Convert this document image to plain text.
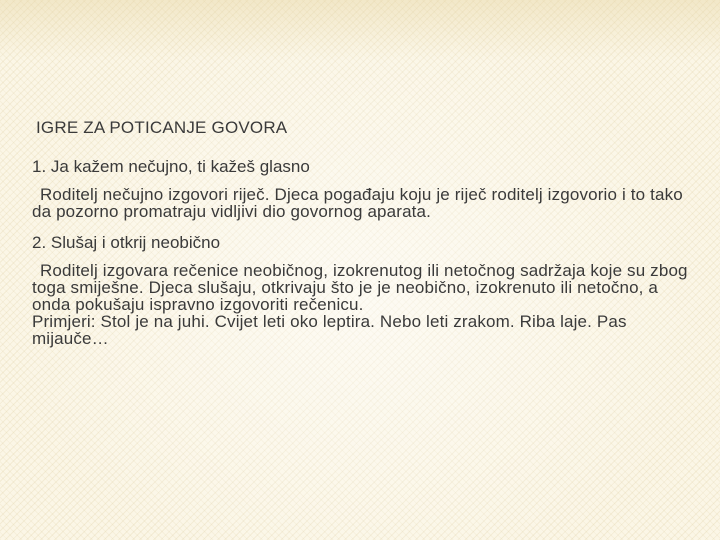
IGRE ZA POTICANJE GOVORA

1. Ja kažem nečujno, ti kažeš glasno

Roditelj nečujno izgovori riječ. Djeca pogađaju koju je riječ roditelj izgovorio i to tako da pozorno promatraju vidljivi dio govornog aparata.

2. Slušaj i otkrij neobično

Roditelj izgovara rečenice neobičnog, izokrenutog ili netočnog sadržaja koje su zbog toga smiješne. Djeca slušaju, otkrivaju što je je neobično, izokrenuto ili netočno, a onda pokušaju ispravno izgovoriti rečenicu.

Primjeri: Stol je na juhi. Cvijet leti oko leptira. Nebo leti zrakom. Riba laje. Pas mijauče…
